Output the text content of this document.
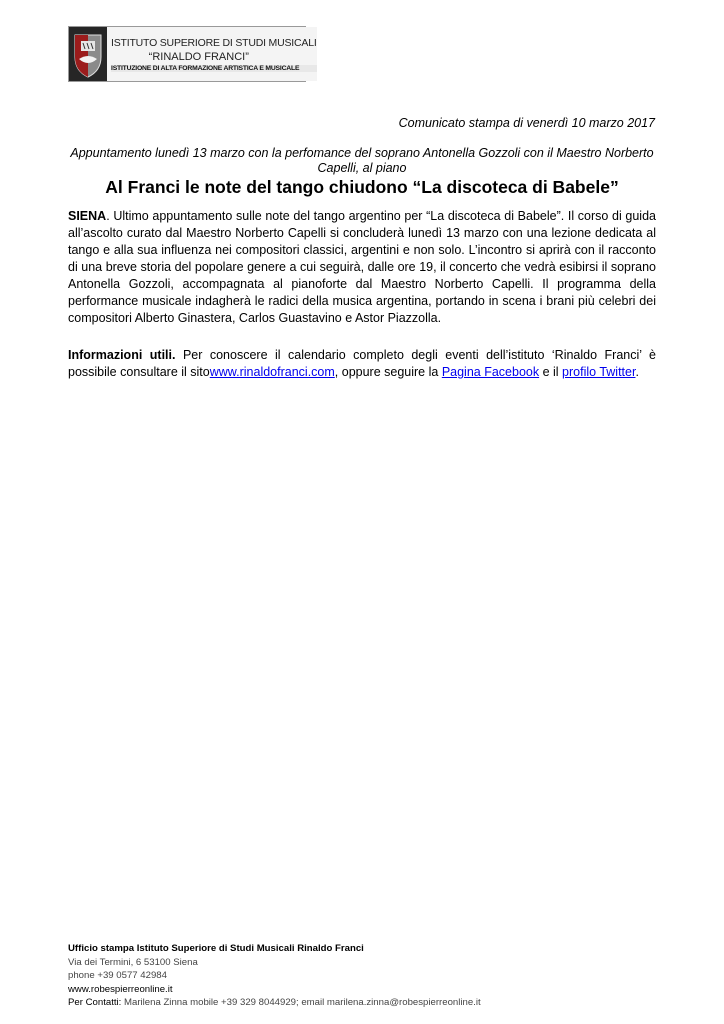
ISTITUTO SUPERIORE DI STUDI MUSICALI
“RINALDO FRANCI”
ISTITUZIONE DI ALTA FORMAZIONE ARTISTICA E MUSICALE
Comunicato stampa di venerdì 10 marzo 2017
Appuntamento lunedì 13 marzo con la perfomance del soprano Antonella Gozzoli con il Maestro Norberto Capelli, al piano
Al Franci le note del tango chiudono “La discoteca di Babele”

SIENA. Ultimo appuntamento sulle note del tango argentino per “La discoteca di Babele”. Il corso di guida all’ascolto curato dal Maestro Norberto Capelli si concluderà lunedì 13 marzo con una lezione dedicata al tango e alla sua influenza nei compositori classici, argentini e non solo. L’incontro si aprirà con il racconto di una breve storia del popolare genere a cui seguirà, dalle ore 19, il concerto che vedrà esibirsi il soprano Antonella Gozzoli, accompagnata al pianoforte dal Maestro Norberto Capelli. Il programma della performance musicale indagherà le radici della musica argentina, portando in scena i brani più celebri dei compositori Alberto Ginastera, Carlos Guastavino e Astor Piazzolla.

Informazioni utili. Per conoscere il calendario completo degli eventi dell’istituto ‘Rinaldo Franci’ è possibile consultare il sitowww.rinaldofranci.com, oppure seguire la Pagina Facebook e il profilo Twitter.

Ufficio stampa Istituto Superiore di Studi Musicali Rinaldo Franci
Via dei Termini, 6 53100 Siena
phone +39 0577 42984
www.robespierreonline.it
Per Contatti: Marilena Zinna mobile +39 329 8044929; email marilena.zinna@robespierreonline.it
